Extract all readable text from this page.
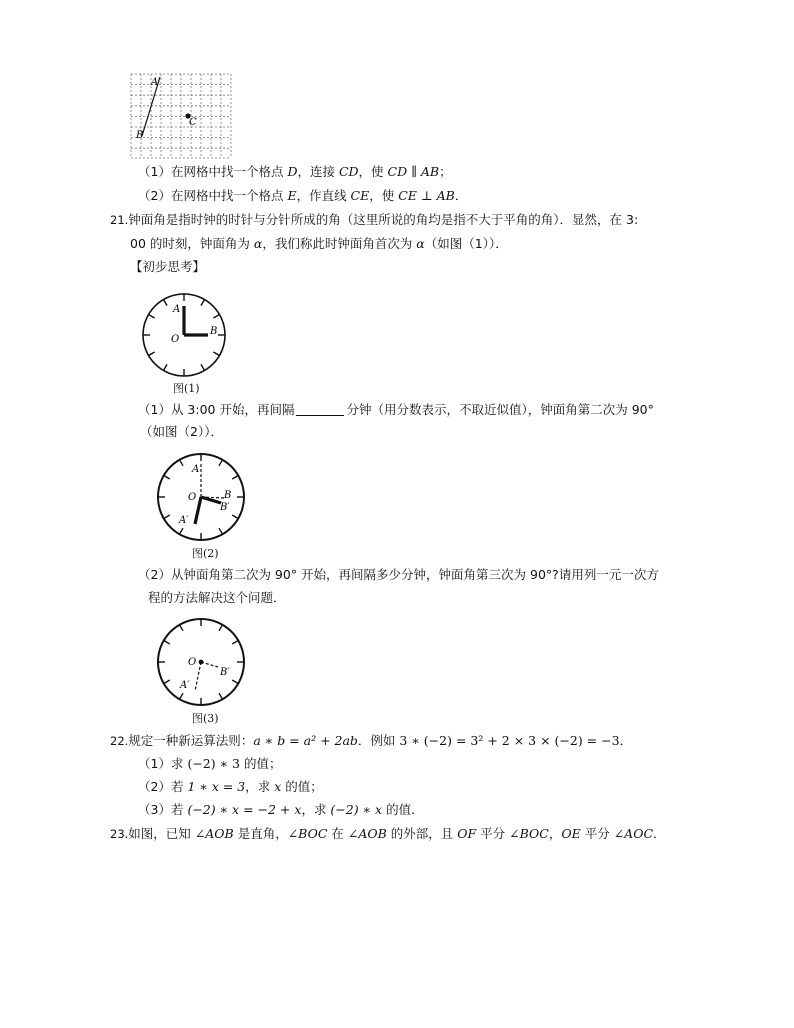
A
B
C
（1）在网格中找一个格点 D，连接 CD，使 CD ∥ AB；
（2）在网格中找一个格点 E，作直线 CE，使 CE ⊥ AB．
21.钟面角是指时钟的时针与分针所成的角（这里所说的角均是指不大于平角的角）．显然，在 3:
00 的时刻，钟面角为 α，我们称此时钟面角首次为 α（如图（1））．
【初步思考】
A
O
B
图(1)
（1）从 3:00 开始，再间隔	分钟（用分数表示，不取近似值），钟面角第二次为 90°
（如图（2））．
A
O	B
B′
A′
图(2)
（2）从钟面角第二次为 90° 开始，再间隔多少分钟，钟面角第三次为 90°?请用列一元一次方
程的方法解决这个问题．
O
B′
A′
图(3)
22.规定一种新运算法则：a ∗ b = a² + 2ab．例如 3 ∗ (−2) = 3² + 2 × 3 × (−2) = −3．
（1）求 (−2) ∗ 3 的值；
（2）若 1 ∗ x = 3，求 x 的值；
（3）若 (−2) ∗ x = −2 + x，求 (−2) ∗ x 的值．
23.如图，已知 ∠AOB 是直角，∠BOC 在 ∠AOB 的外部，且 OF 平分 ∠BOC，OE 平分 ∠AOC．
